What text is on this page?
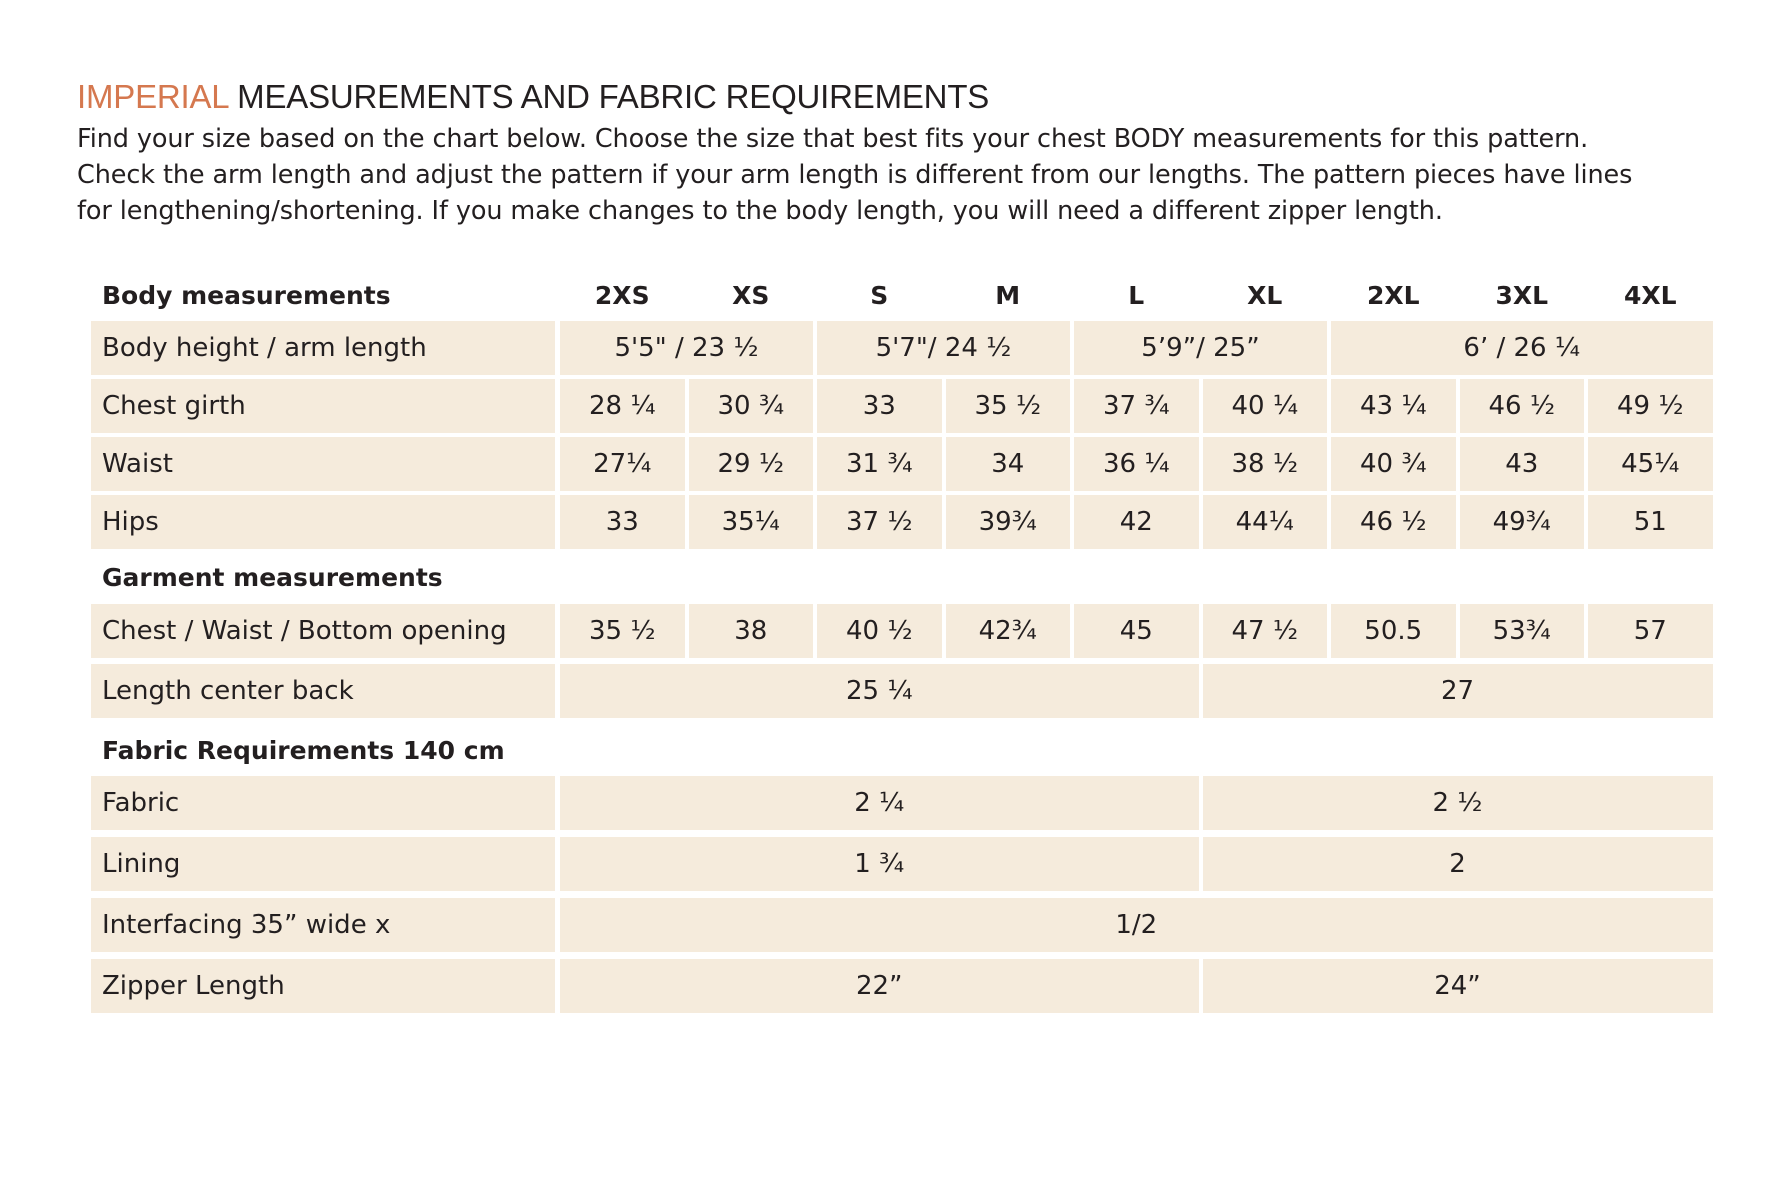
IMPERIAL MEASUREMENTS AND FABRIC REQUIREMENTS
Find your size based on the chart below. Choose the size that best fits your chest BODY measurements for this pattern.
Check the arm length and adjust the pattern if your arm length is different from our lengths. The pattern pieces have lines
for lengthening/shortening. If you make changes to the body length, you will need a different zipper length.
Body measurements	2XS	XS	S	M	L	XL	2XL	3XL	4XL
Body height / arm length	5'5" / 23 ½	5'7"/ 24 ½	5’9”/ 25”	6’ / 26 ¼
Chest girth	28 ¼	30 ¾	33	35 ½	37 ¾	40 ¼	43 ¼	46 ½	49 ½
Waist	27¼	29 ½	31 ¾	34	36 ¼	38 ½	40 ¾	43	45¼
Hips	33	35¼	37 ½	39¾	42	44¼	46 ½	49¾	51
Garment measurements
Chest / Waist / Bottom opening	35 ½	38	40 ½	42¾	45	47 ½	50.5	53¾	57
Length center back	25 ¼	27
Fabric Requirements 140 cm
Fabric	2 ¼	2 ½
Lining	1 ¾	2
Interfacing 35” wide x	1/2
Zipper Length	22”	24”
